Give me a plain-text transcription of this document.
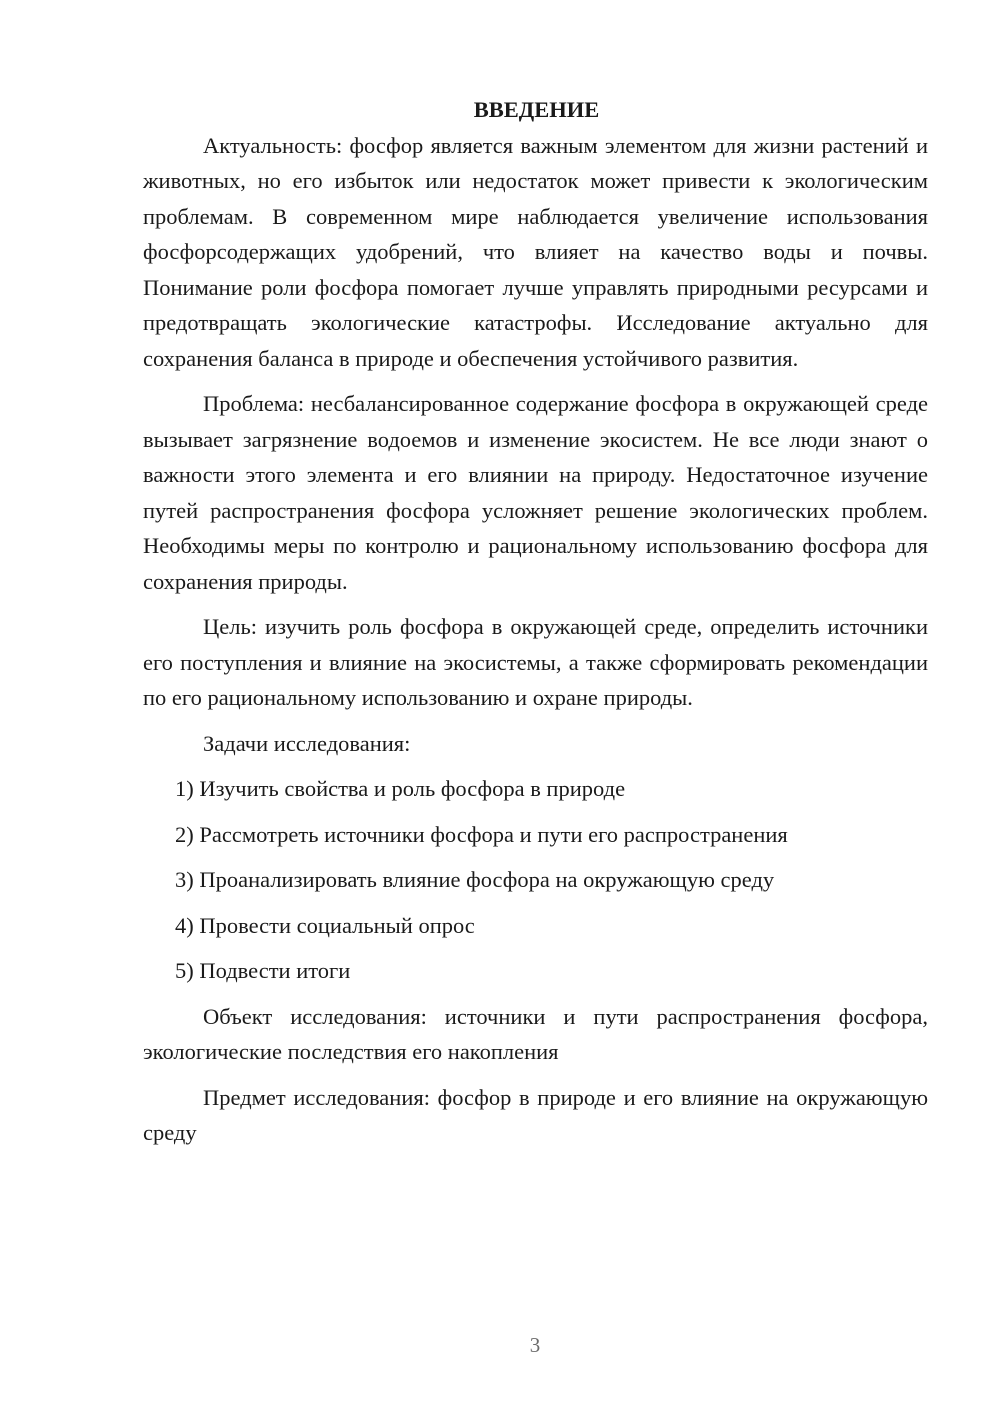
ВВЕДЕНИЕ

Актуальность: фосфор является важным элементом для жизни растений и животных, но его избыток или недостаток может привести к экологическим проблемам. В современном мире наблюдается увеличение использования фосфорсодержащих удобрений, что влияет на качество воды и почвы. Понимание роли фосфора помогает лучше управлять природными ресурсами и предотвращать экологические катастрофы. Исследование актуально для сохранения баланса в природе и обеспечения устойчивого развития.

Проблема: несбалансированное содержание фосфора в окружающей среде вызывает загрязнение водоемов и изменение экосистем. Не все люди знают о важности этого элемента и его влиянии на природу. Недостаточное изучение путей распространения фосфора усложняет решение экологических проблем. Необходимы меры по контролю и рациональному использованию фосфора для сохранения природы.

Цель: изучить роль фосфора в окружающей среде, определить источники его поступления и влияние на экосистемы, а также сформировать рекомендации по его рациональному использованию и охране природы.

Задачи исследования:

1) Изучить свойства и роль фосфора в природе
2) Рассмотреть источники фосфора и пути его распространения
3) Проанализировать влияние фосфора на окружающую среду
4) Провести социальный опрос
5) Подвести итоги

Объект исследования: источники и пути распространения фосфора, экологические последствия его накопления

Предмет исследования: фосфор в природе и его влияние на окружающую среду

3
